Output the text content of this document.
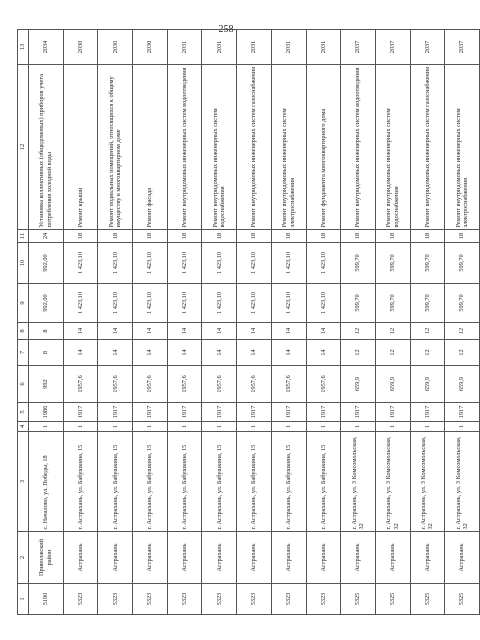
258
1	2	3	4	5	6	7	8	9	10	11	12	13
5190	Приволжский район	с. Началово, ул. Победы, 18	1	1986	992	8	8	992,00	992,00	24	Установка коллективных (общедомовых) приборов учета потребления холодной воды	2034
5323	Астрахань	г. Астрахань, ул. Бабушкина, 15	1	1917	1957,6	14	14	1 423,10	1 423,10	18	Ремонт крыши	2030
5323	Астрахань	г. Астрахань, ул. Бабушкина, 15	1	1917	1957,6	14	14	1 423,10	1 423,10	18	Ремонт подвальных помещений, относящихся к общему имуществу в многоквартирном доме	2030
5323	Астрахань	г. Астрахань, ул. Бабушкина, 15	1	1917	1957,6	14	14	1 423,10	1 423,10	18	Ремонт фасада	2030
5323	Астрахань	г. Астрахань, ул. Бабушкина, 15	1	1917	1957,6	14	14	1 423,10	1 423,10	18	Ремонт внутридомовых инженерных систем водоотведения	2031
5323	Астрахань	г. Астрахань, ул. Бабушкина, 15	1	1917	1957,6	14	14	1 423,10	1 423,10	18	Ремонт внутридомовых инженерных систем водоснабжения	2031
5323	Астрахань	г. Астрахань, ул. Бабушкина, 15	1	1917	1957,6	14	14	1 423,10	1 423,10	18	Ремонт внутридомовых инженерных систем газоснабжения	2031
5323	Астрахань	г. Астрахань, ул. Бабушкина, 15	1	1917	1957,6	14	14	1 423,10	1 423,10	18	Ремонт внутридомовых инженерных систем электроснабжения	2031
5323	Астрахань	г. Астрахань, ул. Бабушкина, 15	1	1917	1957,6	14	14	1 423,10	1 423,10	18	Ремонт фундамента многоквартирного дома	2031
5325	Астрахань	г. Астрахань, ул. 3 Комсомольская, 32	1	1917	659,9	12	12	599,70	599,70	18	Ремонт внутридомовых инженерных систем водоотведения	2037
5325	Астрахань	г. Астрахань, ул. 3 Комсомольская, 32	1	1917	659,9	12	12	599,70	599,70	18	Ремонт внутридомовых инженерных систем водоснабжения	2037
5325	Астрахань	г. Астрахань, ул. 3 Комсомольская, 32	1	1917	659,9	12	12	599,70	599,70	18	Ремонт внутридомовых инженерных систем газоснабжения	2037
5325	Астрахань	г. Астрахань, ул. 3 Комсомольская, 32	1	1917	659,9	12	12	599,70	599,70	18	Ремонт внутридомовых инженерных систем электроснабжения	2037
